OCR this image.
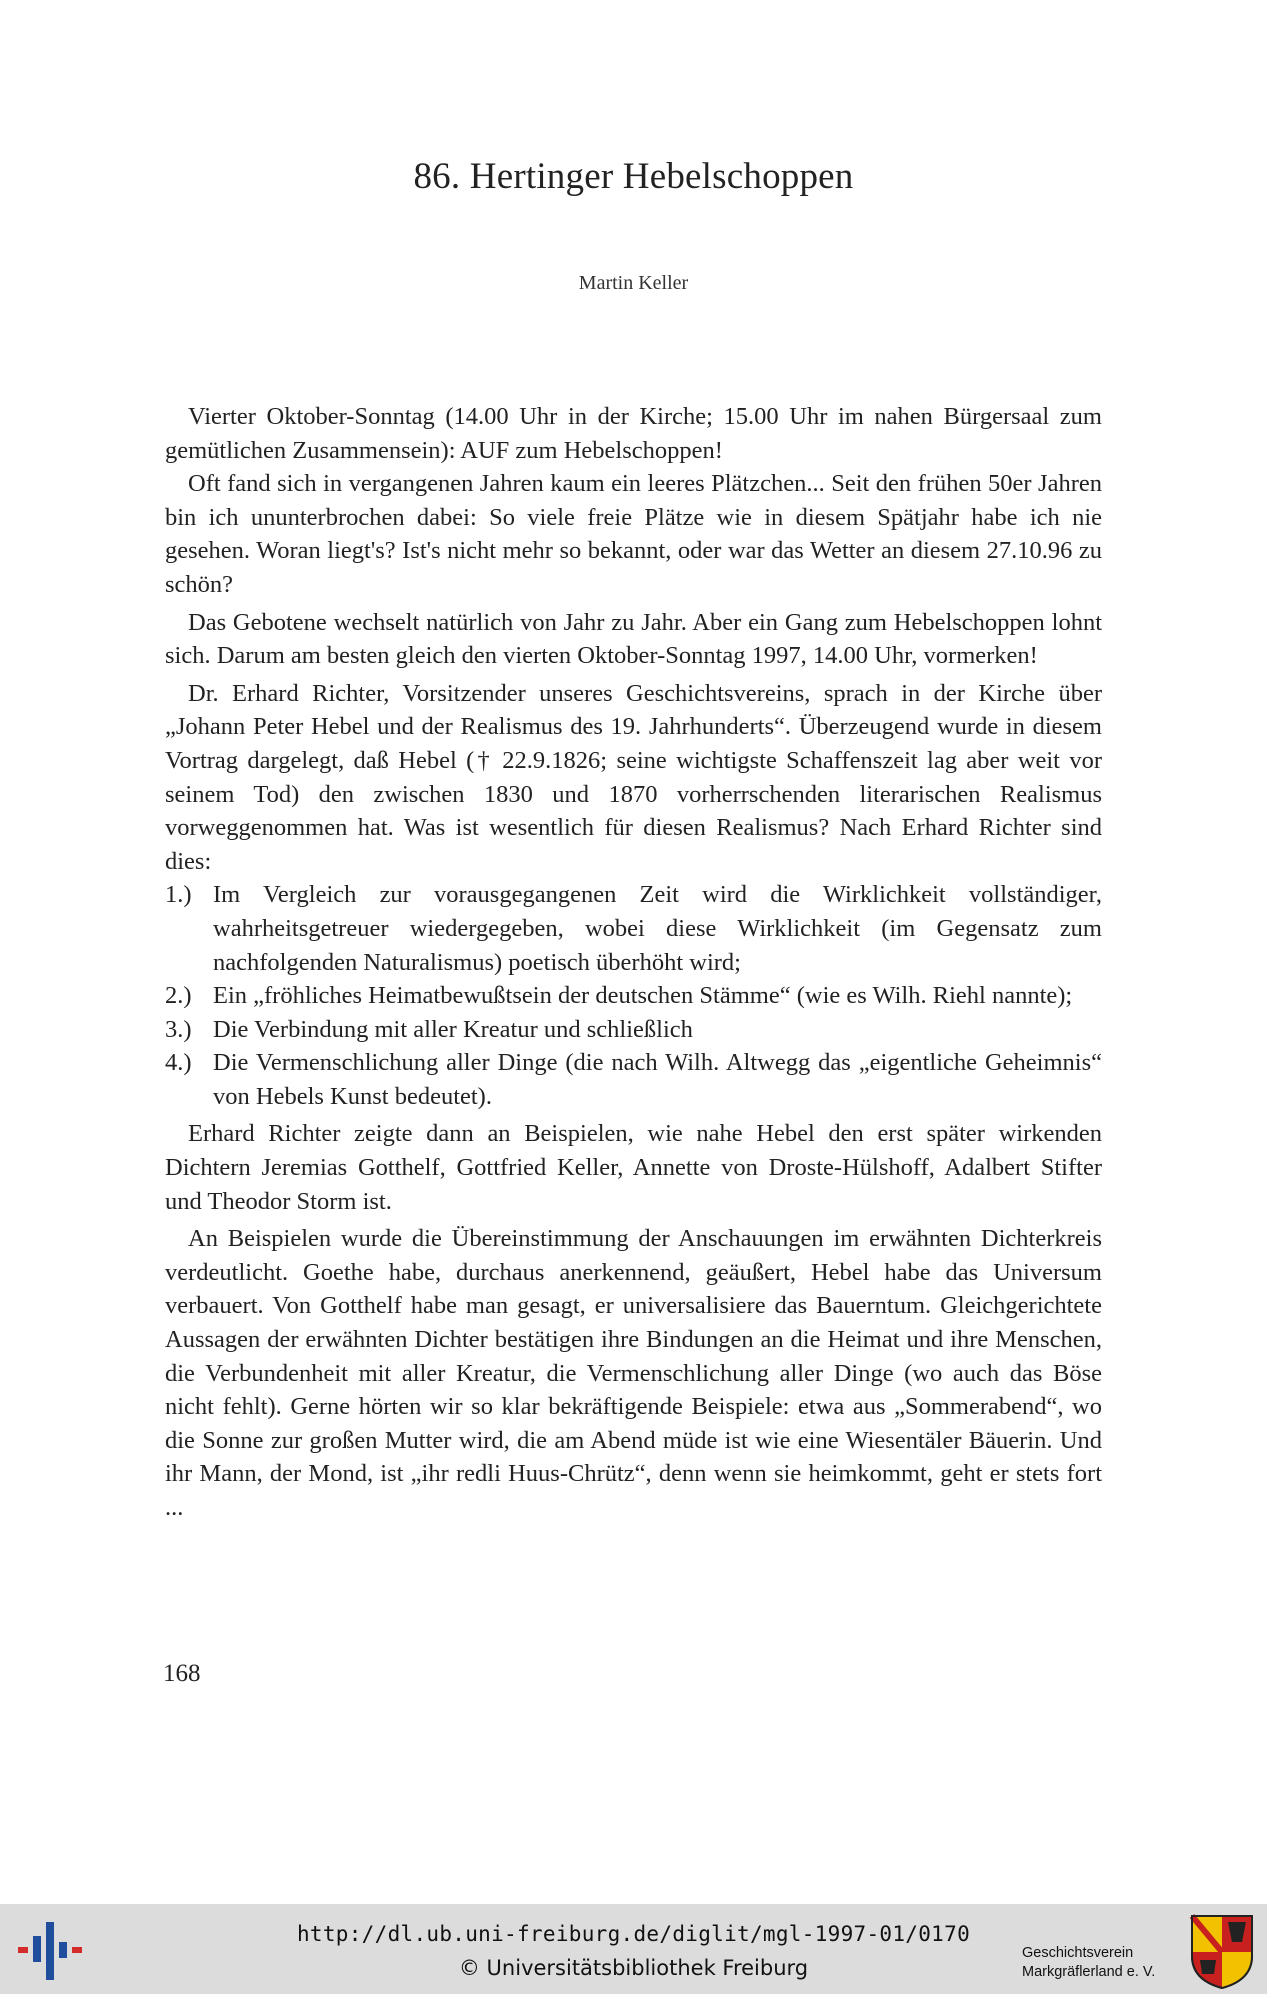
86. Hertinger Hebelschoppen
Martin Keller

Vierter Oktober-Sonntag (14.00 Uhr in der Kirche; 15.00 Uhr im nahen Bürgersaal zum gemütlichen Zusammensein): AUF zum Hebelschoppen!

Oft fand sich in vergangenen Jahren kaum ein leeres Plätzchen... Seit den frühen 50er Jahren bin ich ununterbrochen dabei: So viele freie Plätze wie in diesem Spätjahr habe ich nie gesehen. Woran liegt's? Ist's nicht mehr so bekannt, oder war das Wetter an diesem 27.10.96 zu schön?

Das Gebotene wechselt natürlich von Jahr zu Jahr. Aber ein Gang zum Hebelschoppen lohnt sich. Darum am besten gleich den vierten Oktober-Sonntag 1997, 14.00 Uhr, vormerken!

Dr. Erhard Richter, Vorsitzender unseres Geschichtsvereins, sprach in der Kirche über „Johann Peter Hebel und der Realismus des 19. Jahrhunderts“. Überzeugend wurde in diesem Vortrag dargelegt, daß Hebel († 22.9.1826; seine wichtigste Schaffenszeit lag aber weit vor seinem Tod) den zwischen 1830 und 1870 vorherrschenden literarischen Realismus vorweggenommen hat. Was ist wesentlich für diesen Realismus? Nach Erhard Richter sind dies:

1.) Im Vergleich zur vorausgegangenen Zeit wird die Wirklichkeit vollständiger, wahrheitsgetreuer wiedergegeben, wobei diese Wirklichkeit (im Gegensatz zum nachfolgenden Naturalismus) poetisch überhöht wird;
2.) Ein „fröhliches Heimatbewußtsein der deutschen Stämme“ (wie es Wilh. Riehl nannte);
3.) Die Verbindung mit aller Kreatur und schließlich
4.) Die Vermenschlichung aller Dinge (die nach Wilh. Altwegg das „eigentliche Geheimnis“ von Hebels Kunst bedeutet).

Erhard Richter zeigte dann an Beispielen, wie nahe Hebel den erst später wirkenden Dichtern Jeremias Gotthelf, Gottfried Keller, Annette von Droste-Hülshoff, Adalbert Stifter und Theodor Storm ist.

An Beispielen wurde die Übereinstimmung der Anschauungen im erwähnten Dichterkreis verdeutlicht. Goethe habe, durchaus anerkennend, geäußert, Hebel habe das Universum verbauert. Von Gotthelf habe man gesagt, er universalisiere das Bauerntum. Gleichgerichtete Aussagen der erwähnten Dichter bestätigen ihre Bindungen an die Heimat und ihre Menschen, die Verbundenheit mit aller Kreatur, die Vermenschlichung aller Dinge (wo auch das Böse nicht fehlt). Gerne hörten wir so klar bekräftigende Beispiele: etwa aus „Sommerabend“, wo die Sonne zur großen Mutter wird, die am Abend müde ist wie eine Wiesentäler Bäuerin. Und ihr Mann, der Mond, ist „ihr redli Huus-Chrütz“, denn wenn sie heimkommt, geht er stets fort ...

168
http://dl.ub.uni-freiburg.de/diglit/mgl-1997-01/0170
© Universitätsbibliothek Freiburg
Geschichtsverein
Markgräflerland e. V.
